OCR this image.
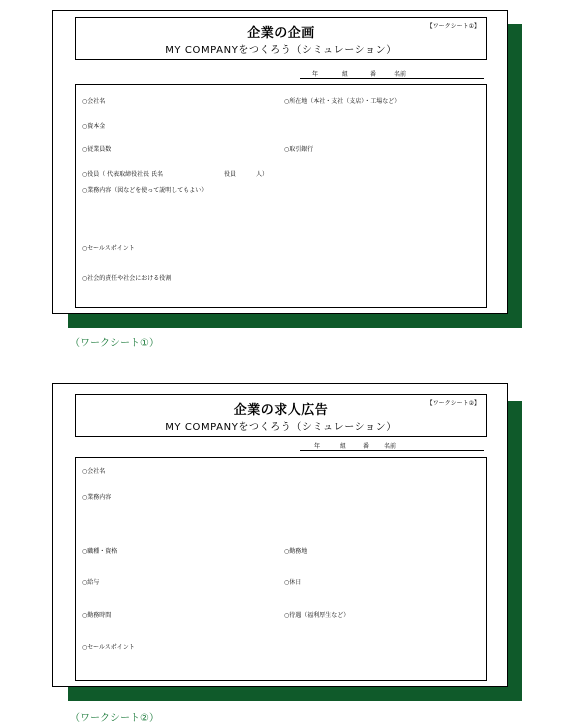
企業の企画
MY COMPANYをつくろう（シミュレーション）
【ワークシート①】
年	組	番	名前
○会社名	○所在地（本社・支社（支店）・工場など）
○資本金
○従業員数	○取引銀行
○役員（ 代表取締役社長 氏名	役員	人）
○業務内容（図などを使って説明してもよい）
○セールスポイント
○社会的責任や社会における役割
（ワークシート①）
企業の求人広告
MY COMPANYをつくろう（シミュレーション）
【ワークシート②】
年	組	番 名前
○会社名
○業務内容
○職種・資格	○勤務地
○給与	○休日
○勤務時間	○待遇（福利厚生など）
○セールスポイント
（ワークシート②）
